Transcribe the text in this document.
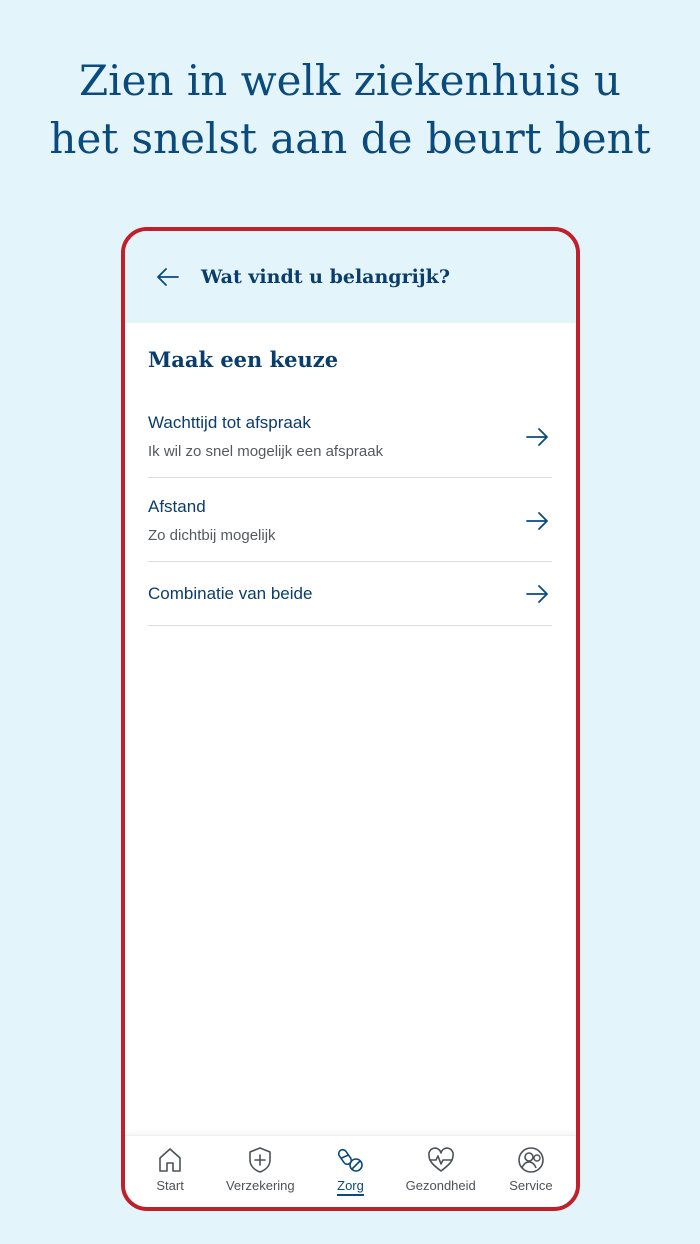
Zien in welk ziekenhuis u
het snelst aan de beurt bent
Wat vindt u belangrijk?
Maak een keuze
Wachttijd tot afspraak
Ik wil zo snel mogelijk een afspraak
Afstand
Zo dichtbij mogelijk
Combinatie van beide
Start	Verzekering	Zorg	Gezondheid	Service
